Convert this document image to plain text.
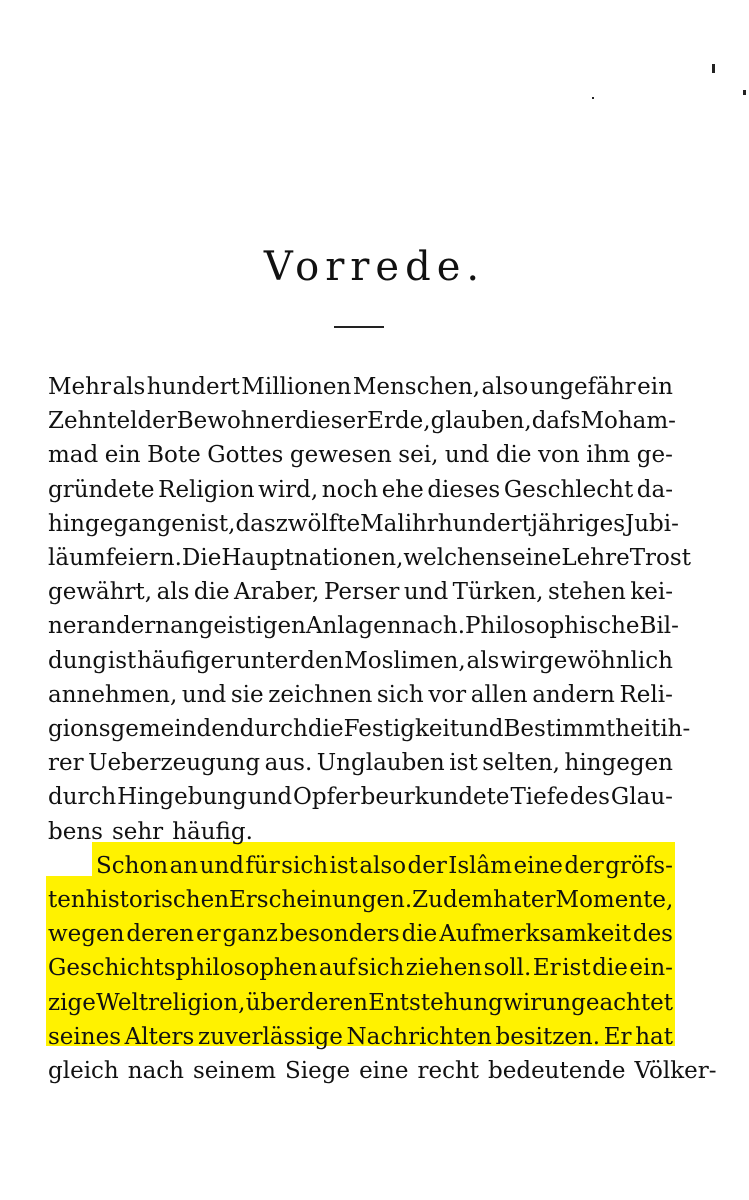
Vorrede.
Mehr als hundert Millionen Menschen, also ungefähr ein
Zehntel der Bewohner dieser Erde, glauben, dafs Moham-
mad ein Bote Gottes gewesen sei, und die von ihm ge-
gründete Religion wird, noch ehe dieses Geschlecht da-
hingegangen ist, das zwölfte Mal ihr hundertjähriges Jubi-
läum feiern. Die Hauptnationen, welchen seine Lehre Trost
gewährt, als die Araber, Perser und Türken, stehen kei-
ner andern an geistigen Anlagen nach. Philosophische Bil-
dung ist häufiger unter den Moslimen, als wir gewöhnlich
annehmen, und sie zeichnen sich vor allen andern Reli-
gionsgemeinden durch die Festigkeit und Bestimmtheit ih-
rer Ueberzeugung aus. Unglauben ist selten, hingegen
durch Hingebung und Opfer beurkundete Tiefe des Glau-
bens sehr häufig.
Schon an und für sich ist also der Islâm eine der gröfs-
ten historischen Erscheinungen. Zudem hat er Momente,
wegen deren er ganz besonders die Aufmerksamkeit des
Geschichtsphilosophen auf sich ziehen soll. Er ist die ein-
zige Weltreligion, über deren Entstehung wir ungeachtet
seines Alters zuverlässige Nachrichten besitzen. Er hat
gleich nach seinem Siege eine recht bedeutende Völker-
